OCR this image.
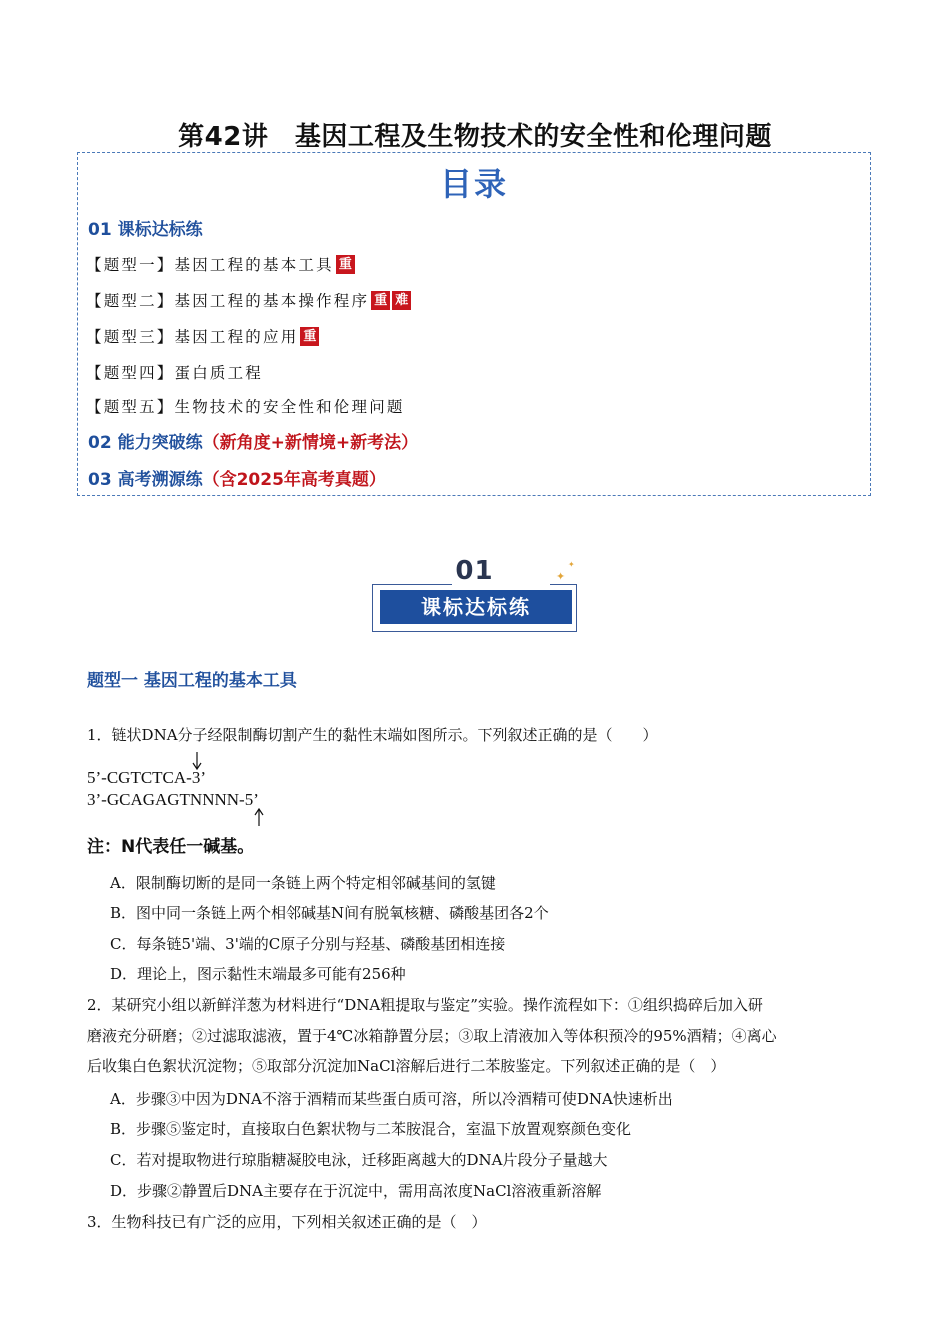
第42讲　基因工程及生物技术的安全性和伦理问题
目录
01 课标达标练
【题型一】基因工程的基本工具 重
【题型二】基因工程的基本操作程序 重 难
【题型三】基因工程的应用 重
【题型四】蛋白质工程
【题型五】生物技术的安全性和伦理问题
02 能力突破练（新角度+新情境+新考法）
03 高考溯源练（含2025年高考真题）
01
课标达标练
✦
✦
题型一 基因工程的基本工具
1．链状DNA分子经限制酶切割产生的黏性末端如图所示。下列叙述正确的是（　　）
5’-CGTCTCA-3’
3’-GCAGAGTNNNN-5’
注：N代表任一碱基。
A．限制酶切断的是同一条链上两个特定相邻碱基间的氢键
B．图中同一条链上两个相邻碱基N间有脱氧核糖、磷酸基团各2个
C．每条链5'端、3'端的C原子分别与羟基、磷酸基团相连接
D．理论上，图示黏性末端最多可能有256种
2．某研究小组以新鲜洋葱为材料进行“DNA粗提取与鉴定”实验。操作流程如下：①组织捣碎后加入研
磨液充分研磨；②过滤取滤液，置于4℃冰箱静置分层；③取上清液加入等体积预冷的95%酒精；④离心
后收集白色絮状沉淀物；⑤取部分沉淀加NaCl溶解后进行二苯胺鉴定。下列叙述正确的是（　）
A．步骤③中因为DNA不溶于酒精而某些蛋白质可溶，所以冷酒精可使DNA快速析出
B．步骤⑤鉴定时，直接取白色絮状物与二苯胺混合，室温下放置观察颜色变化
C．若对提取物进行琼脂糖凝胶电泳，迁移距离越大的DNA片段分子量越大
D．步骤②静置后DNA主要存在于沉淀中，需用高浓度NaCl溶液重新溶解
3．生物科技已有广泛的应用，下列相关叙述正确的是（　）
